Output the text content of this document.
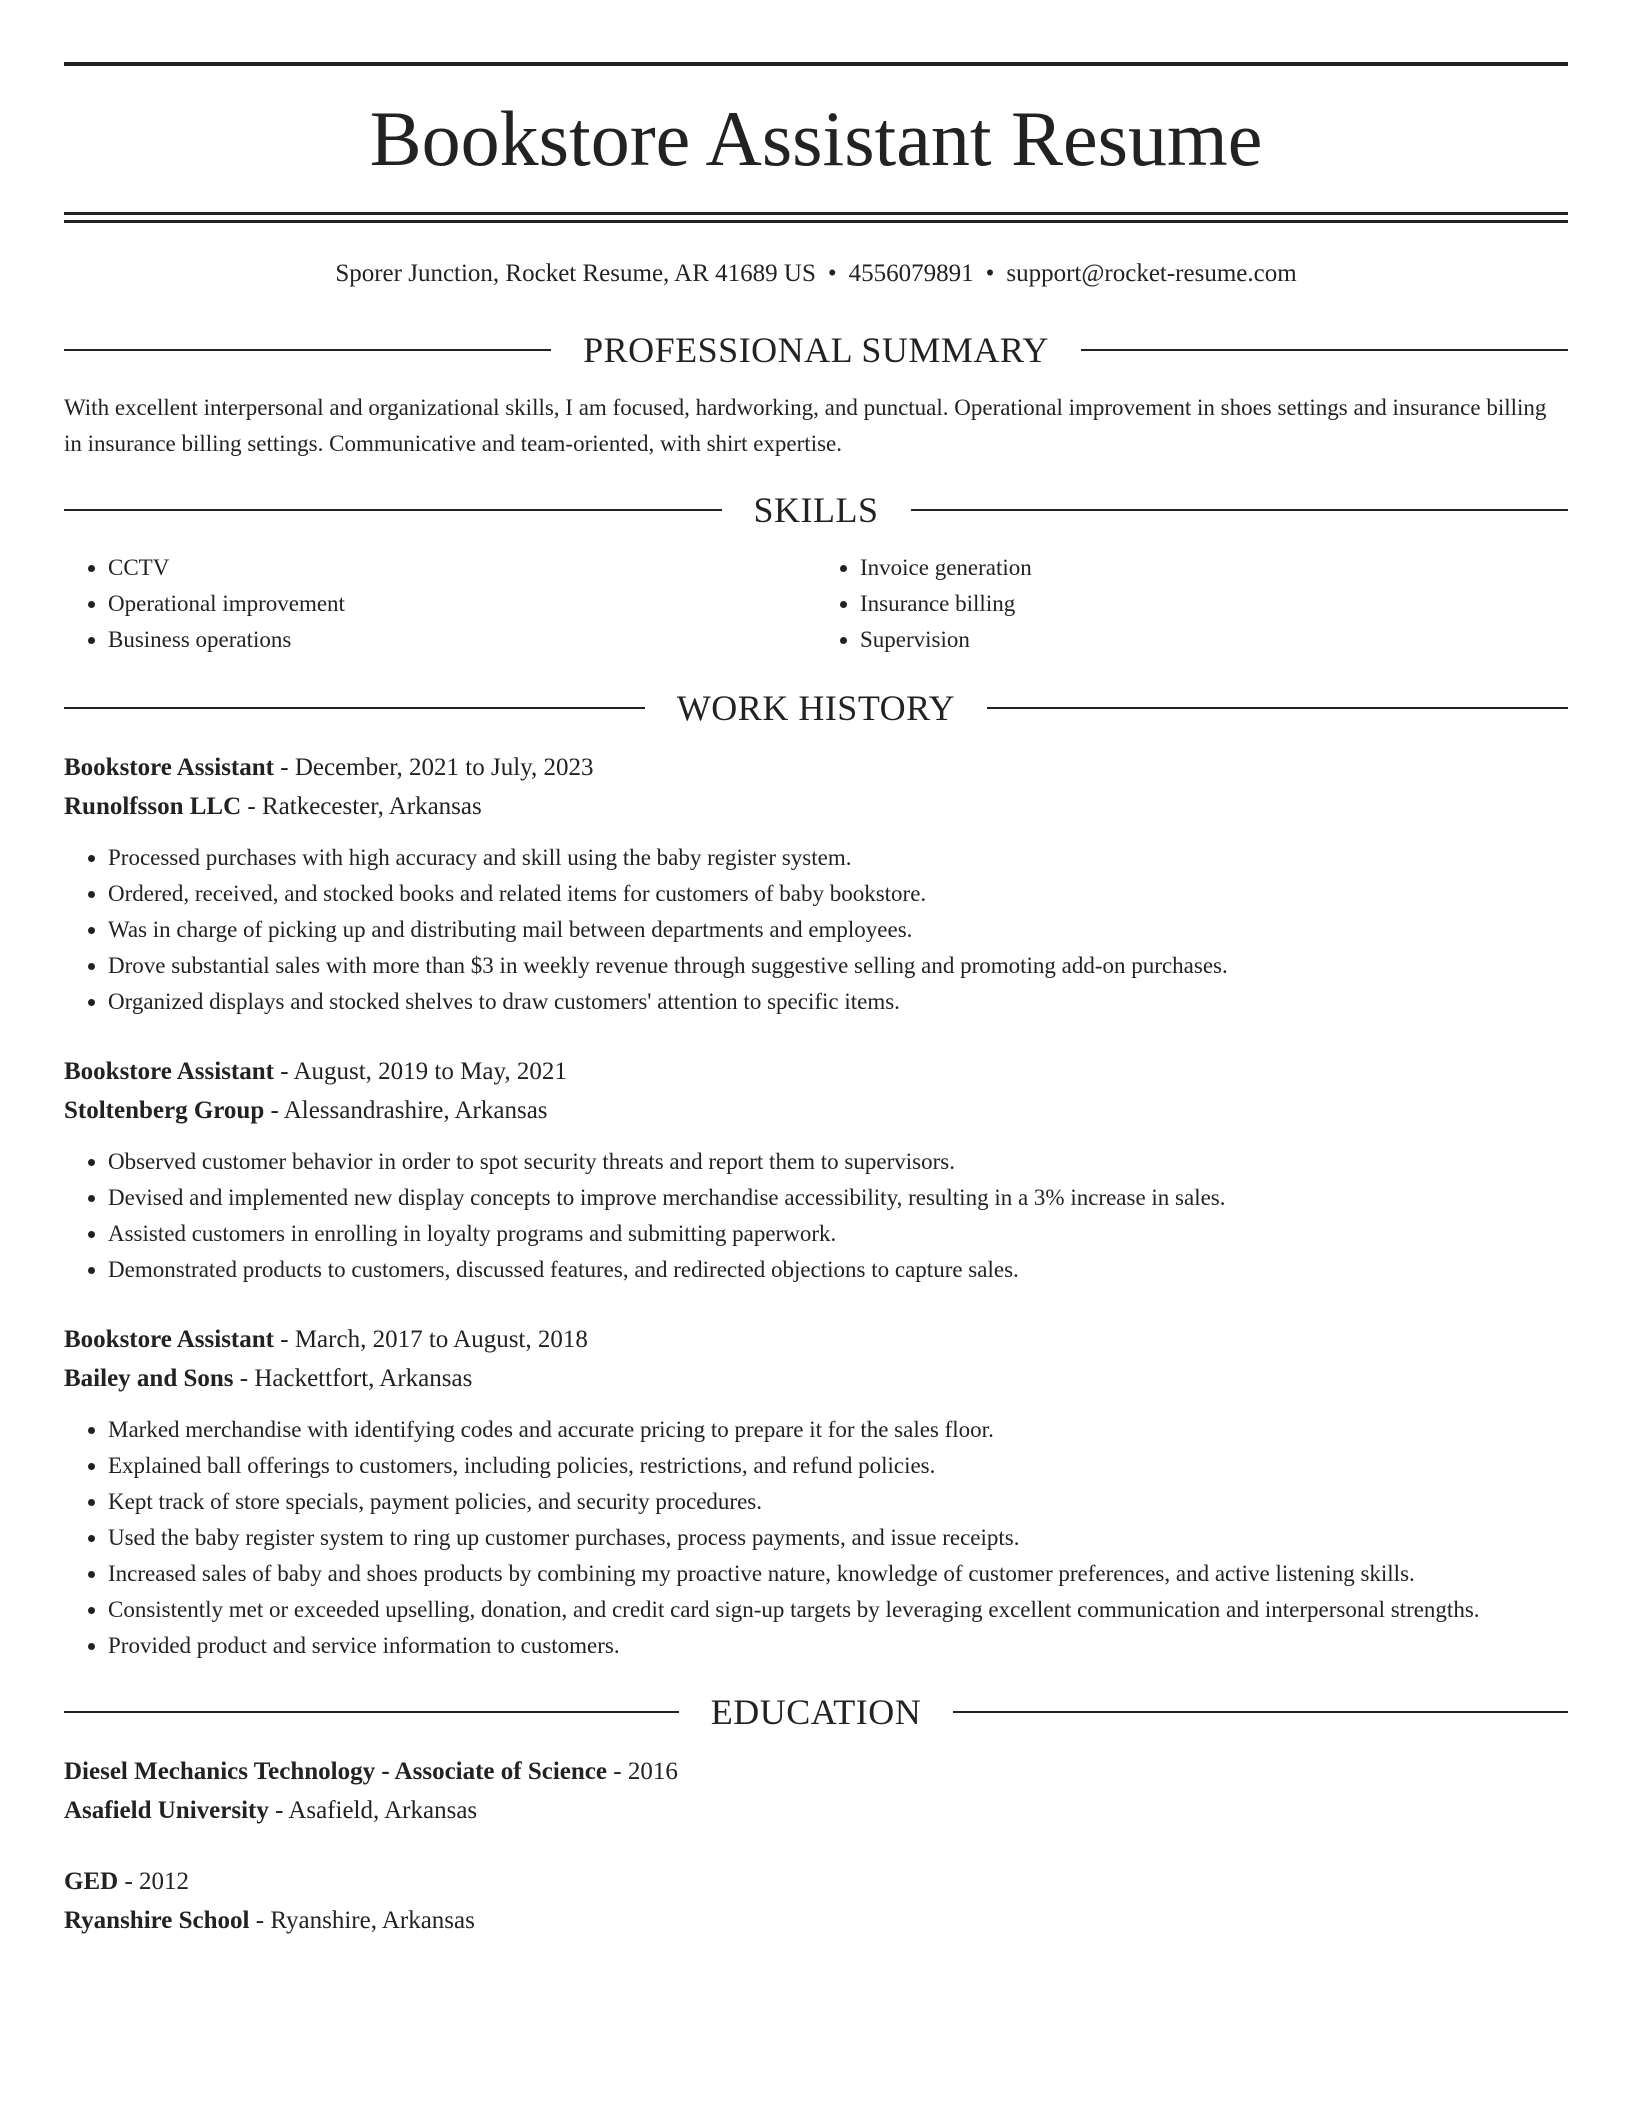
Bookstore Assistant Resume
Sporer Junction, Rocket Resume, AR 41689 US • 4556079891 • support@rocket-resume.com
PROFESSIONAL SUMMARY

With excellent interpersonal and organizational skills, I am focused, hardworking, and punctual. Operational improvement in shoes settings and insurance billing in insurance billing settings. Communicative and team-oriented, with shirt expertise.

SKILLS
• CCTV
• Operational improvement
• Business operations
• Invoice generation
• Insurance billing
• Supervision
WORK HISTORY
Bookstore Assistant - December, 2021 to July, 2023
Runolfsson LLC - Ratkecester, Arkansas
• Processed purchases with high accuracy and skill using the baby register system.
• Ordered, received, and stocked books and related items for customers of baby bookstore.
• Was in charge of picking up and distributing mail between departments and employees.
• Drove substantial sales with more than $3 in weekly revenue through suggestive selling and promoting add-on purchases.
• Organized displays and stocked shelves to draw customers' attention to specific items.
Bookstore Assistant - August, 2019 to May, 2021
Stoltenberg Group - Alessandrashire, Arkansas
• Observed customer behavior in order to spot security threats and report them to supervisors.
• Devised and implemented new display concepts to improve merchandise accessibility, resulting in a 3% increase in sales.
• Assisted customers in enrolling in loyalty programs and submitting paperwork.
• Demonstrated products to customers, discussed features, and redirected objections to capture sales.
Bookstore Assistant - March, 2017 to August, 2018
Bailey and Sons - Hackettfort, Arkansas
• Marked merchandise with identifying codes and accurate pricing to prepare it for the sales floor.
• Explained ball offerings to customers, including policies, restrictions, and refund policies.
• Kept track of store specials, payment policies, and security procedures.
• Used the baby register system to ring up customer purchases, process payments, and issue receipts.
• Increased sales of baby and shoes products by combining my proactive nature, knowledge of customer preferences, and active listening skills.
• Consistently met or exceeded upselling, donation, and credit card sign-up targets by leveraging excellent communication and interpersonal strengths.
• Provided product and service information to customers.
EDUCATION
Diesel Mechanics Technology - Associate of Science - 2016
Asafield University - Asafield, Arkansas
GED - 2012
Ryanshire School - Ryanshire, Arkansas
